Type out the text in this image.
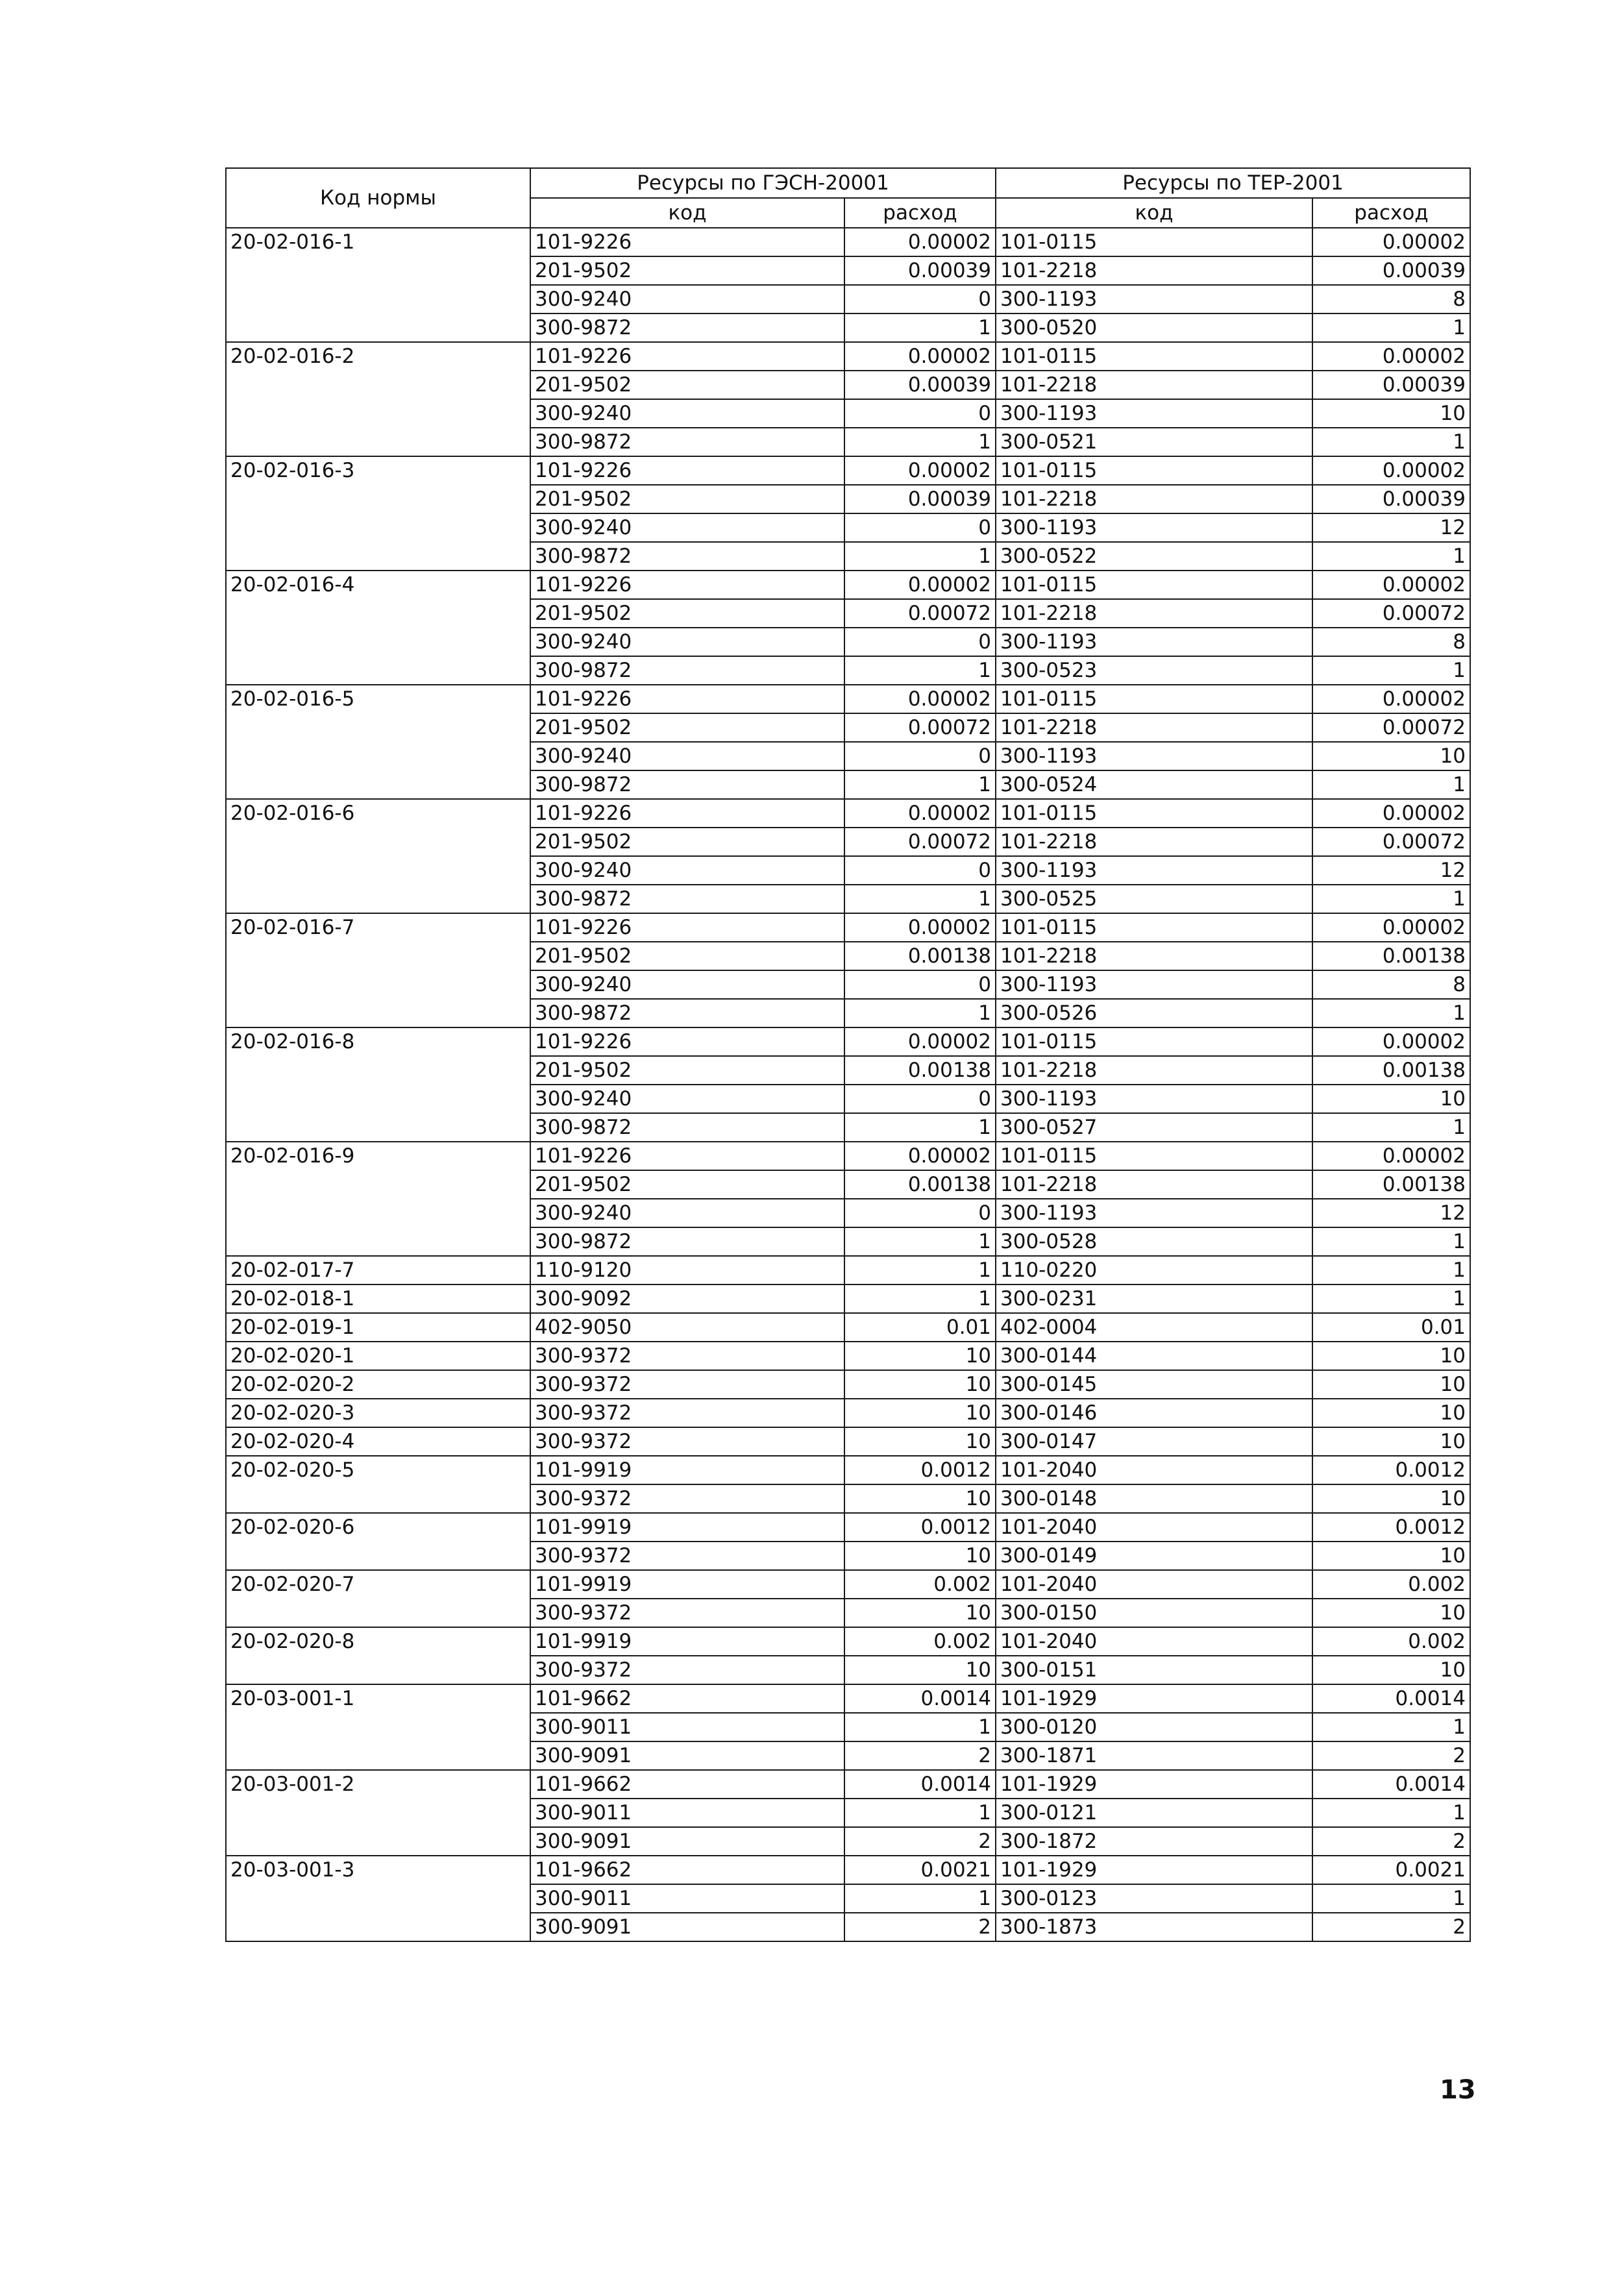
Код нормы	Ресурсы по ГЭСН-20001		Ресурсы по ТЕР-2001	
	код	расход	код	расход
20-02-016-1	101-9226	0.00002	101-0115	0.00002
	201-9502	0.00039	101-2218	0.00039
	300-9240	0	300-1193	8
	300-9872	1	300-0520	1
20-02-016-2	101-9226	0.00002	101-0115	0.00002
	201-9502	0.00039	101-2218	0.00039
	300-9240	0	300-1193	10
	300-9872	1	300-0521	1
20-02-016-3	101-9226	0.00002	101-0115	0.00002
	201-9502	0.00039	101-2218	0.00039
	300-9240	0	300-1193	12
	300-9872	1	300-0522	1
20-02-016-4	101-9226	0.00002	101-0115	0.00002
	201-9502	0.00072	101-2218	0.00072
	300-9240	0	300-1193	8
	300-9872	1	300-0523	1
20-02-016-5	101-9226	0.00002	101-0115	0.00002
	201-9502	0.00072	101-2218	0.00072
	300-9240	0	300-1193	10
	300-9872	1	300-0524	1
20-02-016-6	101-9226	0.00002	101-0115	0.00002
	201-9502	0.00072	101-2218	0.00072
	300-9240	0	300-1193	12
	300-9872	1	300-0525	1
20-02-016-7	101-9226	0.00002	101-0115	0.00002
	201-9502	0.00138	101-2218	0.00138
	300-9240	0	300-1193	8
	300-9872	1	300-0526	1
20-02-016-8	101-9226	0.00002	101-0115	0.00002
	201-9502	0.00138	101-2218	0.00138
	300-9240	0	300-1193	10
	300-9872	1	300-0527	1
20-02-016-9	101-9226	0.00002	101-0115	0.00002
	201-9502	0.00138	101-2218	0.00138
	300-9240	0	300-1193	12
	300-9872	1	300-0528	1
20-02-017-7	110-9120	1	110-0220	1
20-02-018-1	300-9092	1	300-0231	1
20-02-019-1	402-9050	0.01	402-0004	0.01
20-02-020-1	300-9372	10	300-0144	10
20-02-020-2	300-9372	10	300-0145	10
20-02-020-3	300-9372	10	300-0146	10
20-02-020-4	300-9372	10	300-0147	10
20-02-020-5	101-9919	0.0012	101-2040	0.0012
	300-9372	10	300-0148	10
20-02-020-6	101-9919	0.0012	101-2040	0.0012
	300-9372	10	300-0149	10
20-02-020-7	101-9919	0.002	101-2040	0.002
	300-9372	10	300-0150	10
20-02-020-8	101-9919	0.002	101-2040	0.002
	300-9372	10	300-0151	10
20-03-001-1	101-9662	0.0014	101-1929	0.0014
	300-9011	1	300-0120	1
	300-9091	2	300-1871	2
20-03-001-2	101-9662	0.0014	101-1929	0.0014
	300-9011	1	300-0121	1
	300-9091	2	300-1872	2
20-03-001-3	101-9662	0.0021	101-1929	0.0021
	300-9011	1	300-0123	1
	300-9091	2	300-1873	2
13
